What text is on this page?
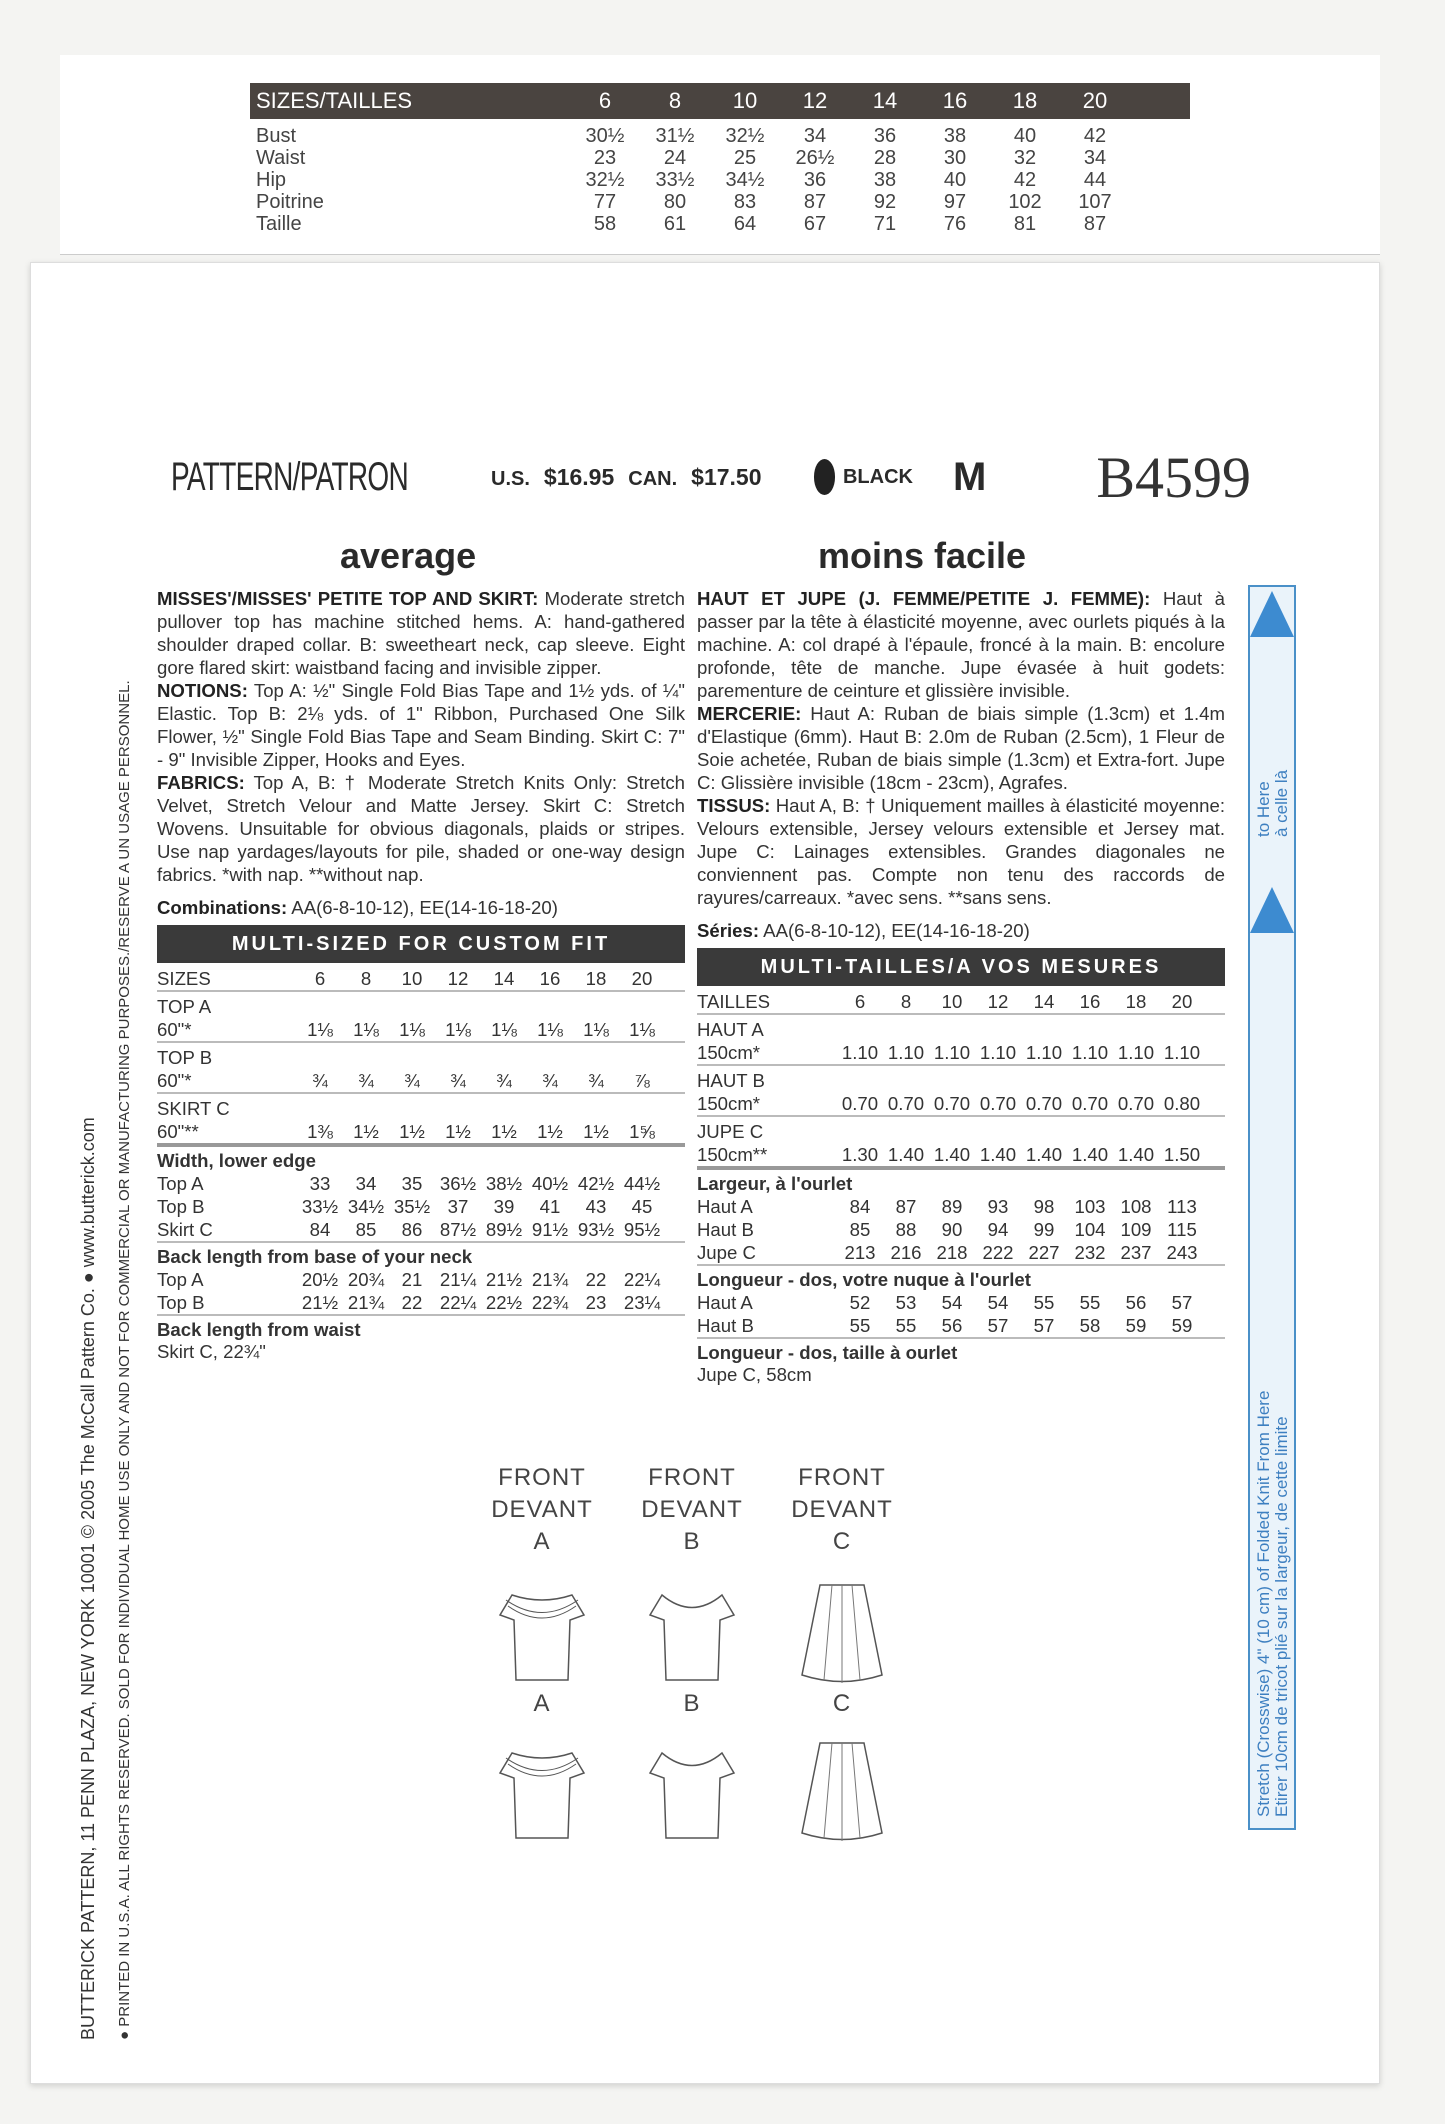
SIZES/TAILLES	6	8	10	12	14	16	18	20
Bust	30½	31½	32½	34	36	38	40	42
Waist	23	24	25	26½	28	30	32	34
Hip	32½	33½	34½	36	38	40	42	44
Poitrine	77	80	83	87	92	97	102	107
Taille	58	61	64	67	71	76	81	87
BUTTERICK PATTERN, 11 PENN PLAZA, NEW YORK 10001 © 2005 The McCall Pattern Co. ● www.butterick.com ● PRINTED IN U.S.A. ALL RIGHTS RESERVED. SOLD FOR INDIVIDUAL HOME USE ONLY AND NOT FOR COMMERCIAL OR MANUFACTURING PURPOSES./RESERVE A UN USAGE PERSONNEL.
PATTERN/PATRON	U.S. $16.95 CAN. $17.50	BLACK M B4599
average	moins facile

MISSES'/MISSES' PETITE TOP AND SKIRT: Moderate stretch pullover top has machine stitched hems. A: hand-gathered shoulder draped collar. B: sweetheart neck, cap sleeve. Eight gore flared skirt: waistband facing and invisible zipper.

NOTIONS: Top A: ½" Single Fold Bias Tape and 1½ yds. of ¼" Elastic. Top B: 2⅛ yds. of 1" Ribbon, Purchased One Silk Flower, ½" Single Fold Bias Tape and Seam Binding. Skirt C: 7" - 9" Invisible Zipper, Hooks and Eyes.

FABRICS: Top A, B: † Moderate Stretch Knits Only: Stretch Velvet, Stretch Velour and Matte Jersey. Skirt C: Stretch Wovens. Unsuitable for obvious diagonals, plaids or stripes. Use nap yardages/layouts for pile, shaded or one-way design fabrics. *with nap. **without nap.

Combinations: AA(6-8-10-12), EE(14-16-18-20)

MULTI-SIZED FOR CUSTOM FIT
SIZES	6	8	10	12	14	16	18	20
TOP A
60"*	1⅛	1⅛	1⅛	1⅛	1⅛	1⅛	1⅛	1⅛
TOP B
60"*	¾	¾	¾	¾	¾	¾	¾	⅞
SKIRT C
60"**	1⅜	1½	1½	1½	1½	1½	1½	1⅝
Width, lower edge
Top A	33	34	35 36½ 38½ 40½ 42½ 44½
Top B	33½ 34½ 35½ 37	39	41	43	45
Skirt C	84	85	86 87½ 89½ 91½ 93½ 95½
Back length from base of your neck
Top A	20½ 20¾ 21 21¼ 21½ 21¾ 22 22¼
Top B	21½ 21¾ 22 22¼ 22½ 22¾ 23 23¼
Back length from waist
Skirt C, 22¾"

HAUT ET JUPE (J. FEMME/PETITE J. FEMME): Haut à passer par la tête à élasticité moyenne, avec ourlets piqués à la machine. A: col drapé à l'épaule, froncé à la main. B: encolure profonde, tête de manche. Jupe évasée à huit godets: parementure de ceinture et glissière invisible.

MERCERIE: Haut A: Ruban de biais simple (1.3cm) et 1.4m d'Elastique (6mm). Haut B: 2.0m de Ruban (2.5cm), 1 Fleur de Soie achetée, Ruban de biais simple (1.3cm) et Extra-fort. Jupe C: Glissière invisible (18cm - 23cm), Agrafes.

TISSUS: Haut A, B: † Uniquement mailles à élasticité moyenne: Velours extensible, Jersey velours extensible et Jersey mat. Jupe C: Lainages extensibles. Grandes diagonales ne conviennent pas. Compte non tenu des raccords de rayures/carreaux. *avec sens. **sans sens.

Séries: AA(6-8-10-12), EE(14-16-18-20)

MULTI-TAILLES/A VOS MESURES
TAILLES	6	8	10	12	14	16	18	20
HAUT A
150cm*	1.10 1.10 1.10 1.10 1.10 1.10 1.10 1.10
HAUT B
150cm*	0.70 0.70 0.70 0.70 0.70 0.70 0.70 0.80
JUPE C
150cm**	1.30 1.40 1.40 1.40 1.40 1.40 1.40 1.50
Largeur, à l'ourlet
Haut A	84	87	89	93	98	103 108 113
Haut B	85	88	90	94	99	104 109 115
Jupe C	213 216 218 222 227 232 237 243
Longueur - dos, votre nuque à l'ourlet
Haut A	52	53	54	54	55	55	56	57
Haut B	55	55	56	57	57	58	59	59
Longueur - dos, taille à ourlet
Jupe C, 58cm
FRONT
DEVANT
A
A
FRONT
DEVANT
B
B
FRONT
DEVANT
C
C
to Here à celle là
Stretch (Crosswise) 4" (10 cm) of Folded Knit From Here Etirer 10cm de tricot plié sur la largeur, de cette limite
